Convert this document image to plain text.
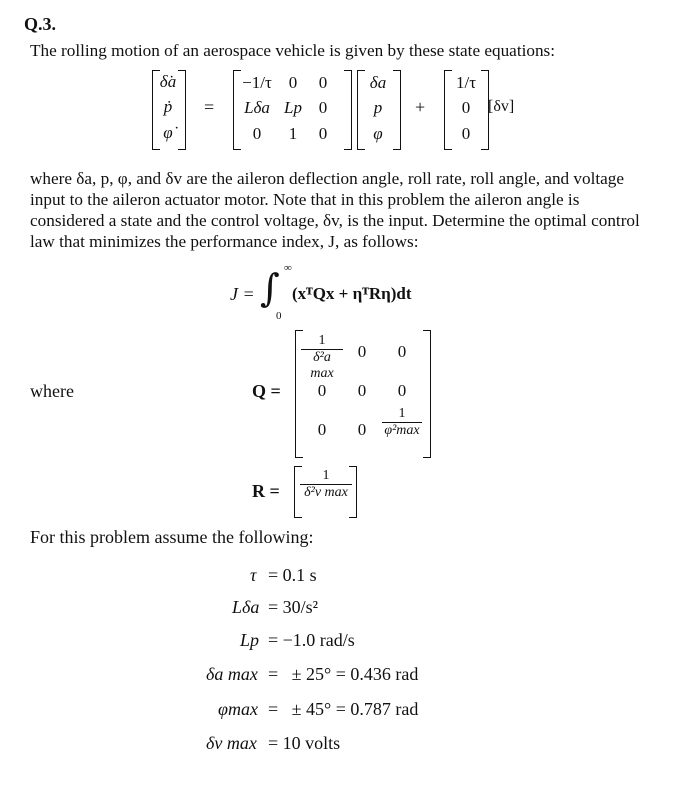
Q.3.
The rolling motion of an aerospace vehicle is given by these state equations:
δ̇a
ṗ
φ̇
=
−1/τ 0	0
Lδa Lp 0
0	1	0
δa
p
φ
+
1/τ
0
0
[δv]
where δa, p, φ, and δv are the aileron deflection angle, roll rate, roll angle, and voltage input to the aileron actuator motor. Note that in this problem the aileron angle is considered a state and the control voltage, δv, is the input. Determine the optimal control law that minimizes the performance index, J, as follows:
J = ∫ ∞
0
(xᵀQx + ηᵀRη)dt
where	Q =
1
δ²a max
0	0
0	0	0
0	0
1
φ²max
R =
1
δ²v max
For this problem assume the following:
τ = 0.1 s
Lδa = 30/s²
Lp = −1.0 rad/s
δa max =   ± 25° = 0.436 rad
φmax =   ± 45° = 0.787 rad
δv max = 10 volts
